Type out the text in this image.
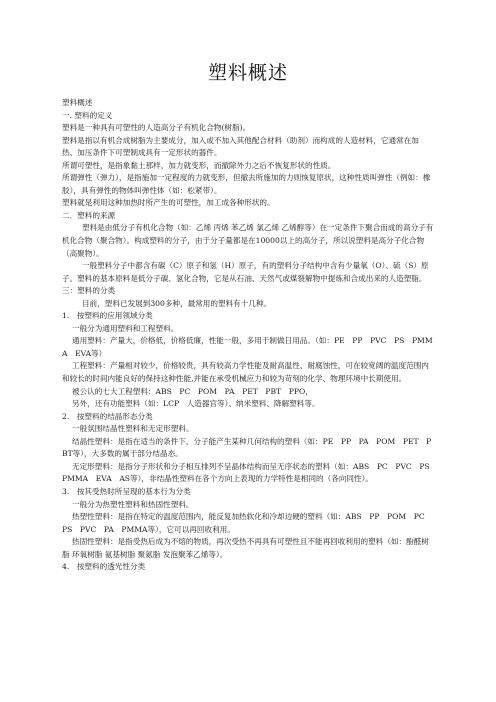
塑料概述

塑料概述

一. 塑料的定义

塑料是一种具有可塑性的人造高分子有机化合物(树脂)。

塑料是指以有机合成树脂为主要成分，加入或不加入其他配合材料（助剂）而构成的人造材料，它通常在加热、加压条件下可塑制成具有一定形状的器件。

所谓可塑性，是指象黏土那样，加力就变形，而撤除外力之后不恢复形状的性质。

所谓弹性（弹力），是指施加一定程度的力就变形，但撤去所施加的力则恢复原状，这种性质叫弹性（例如：橡胶），具有弹性的物体叫弹性体（如：松紧带）。

塑料就是利用这种加热时所产生的可塑性，加工成各种形状的。

二．塑料的来源

塑料是由低分子有机化合物（如：乙烯 丙烯 苯乙烯 氯乙烯 乙烯醇等）在一定条件下聚合而成的高分子有机化合物（聚合物）。构成塑料的分子，由于分子量都是在10000以上的高分子，所以说塑料是高分子化合物（高聚物）。

一般塑料分子中都含有碳（C）原子和氢（H）原子，有的塑料分子结构中含有少量氧（O）、硫（S）原子。塑料的基本原料是低分子碳、氢化合物，它是从石油、天然气或煤裂解物中提炼和合成出来的人造塑脂。

三：塑料的分类

目前，塑料已发展到300多种，最常用的塑料有十几种。

1.　按塑料的应用领域分类

一般分为通用塑料和工程塑料。

通用塑料：产量大，价格低，价格低廉，性能一般，多用于制做日用品。（如：PE　PP　PVC　PS　PMMA　EVA等）

工程塑料：产量相对较少，价格较贵，具有较高力学性能及耐高温性、耐腐蚀性，可在较宽阔的温度范围内和较长的时间内能良好的保持这种性能,并能在承受机械应力和较为苛刻的化学、物理环境中长期使用。

被公认的七大工程塑料：ABS　PC　POM　PA　PET　PBT　PPO，

另外，还有功能塑料（如：LCP　人造器官等）、纳米塑料、降解塑料等。

2.　按塑料的结晶形态分类

一般氛围结晶性塑料和无定形塑料。

结晶性塑料：是指在适当的条件下，分子能产生某种几何结构的塑料（如：PE　PP　PA　POM　PET　PBT等），大多数的属于部分结晶态。

无定形塑料：是指分子形状和分子相互排列不呈晶体结构而呈无序状态的塑料（如：ABS　PC　PVC　PS　PMMA　EVA　AS等），非结晶性塑料在各个方向上表现的力学特性是相同的（各向同性）。

3.　按其受热时所呈现的基本行为分类

一般分为热塑性塑料和热固性塑料。

热塑性塑料：是指在特定的温度范围内，能反复加热软化和冷却边硬的塑料（如：ABS　PP　POM　PC　PS　PVC　PA　PMMA等），它可以再回收利用。

热固性塑料：是指受热后成为不熔的物质，再次受热不再具有可塑性且不能再回收利用的塑料（如：酚醛树脂 环氧树脂 氨基树脂 聚氨脂 发泡聚苯乙烯等）。

4.　按塑料的透光性分类
